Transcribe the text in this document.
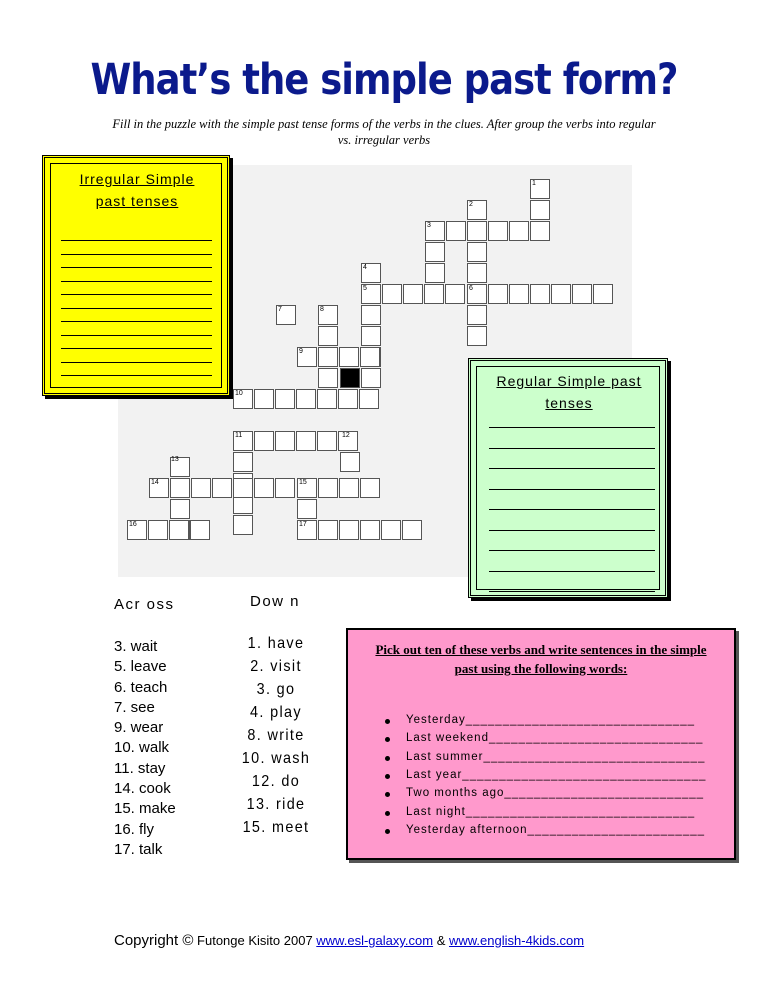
What’s the simple past form?
Fill in the puzzle with the simple past tense forms of the verbs in the clues. After group the verbs into regular vs. irregular verbs
1
2
3
4
5	6
7	8
9
10
11	12
13
14	15
16	17
Irregular Simple past tenses
Regular Simple past tenses
Acr oss
3. wait
5. leave
6. teach
7. see
9. wear
10. walk
11. stay
14. cook
15. make
16. fly
17. talk
Dow n
1. have
2. visit
3. go
4. play
8. write
10. wash
12. do
13. ride
15. meet
Pick out ten of these verbs and write sentences in the simple past using the following words:
Yesterday_______________________________
Last weekend_____________________________
Last summer______________________________
Last year_________________________________
Two months ago___________________________
Last night_______________________________
Yesterday afternoon________________________
Copyright © Futonge Kisito 2007 www.esl-galaxy.com & www.english-4kids.com
